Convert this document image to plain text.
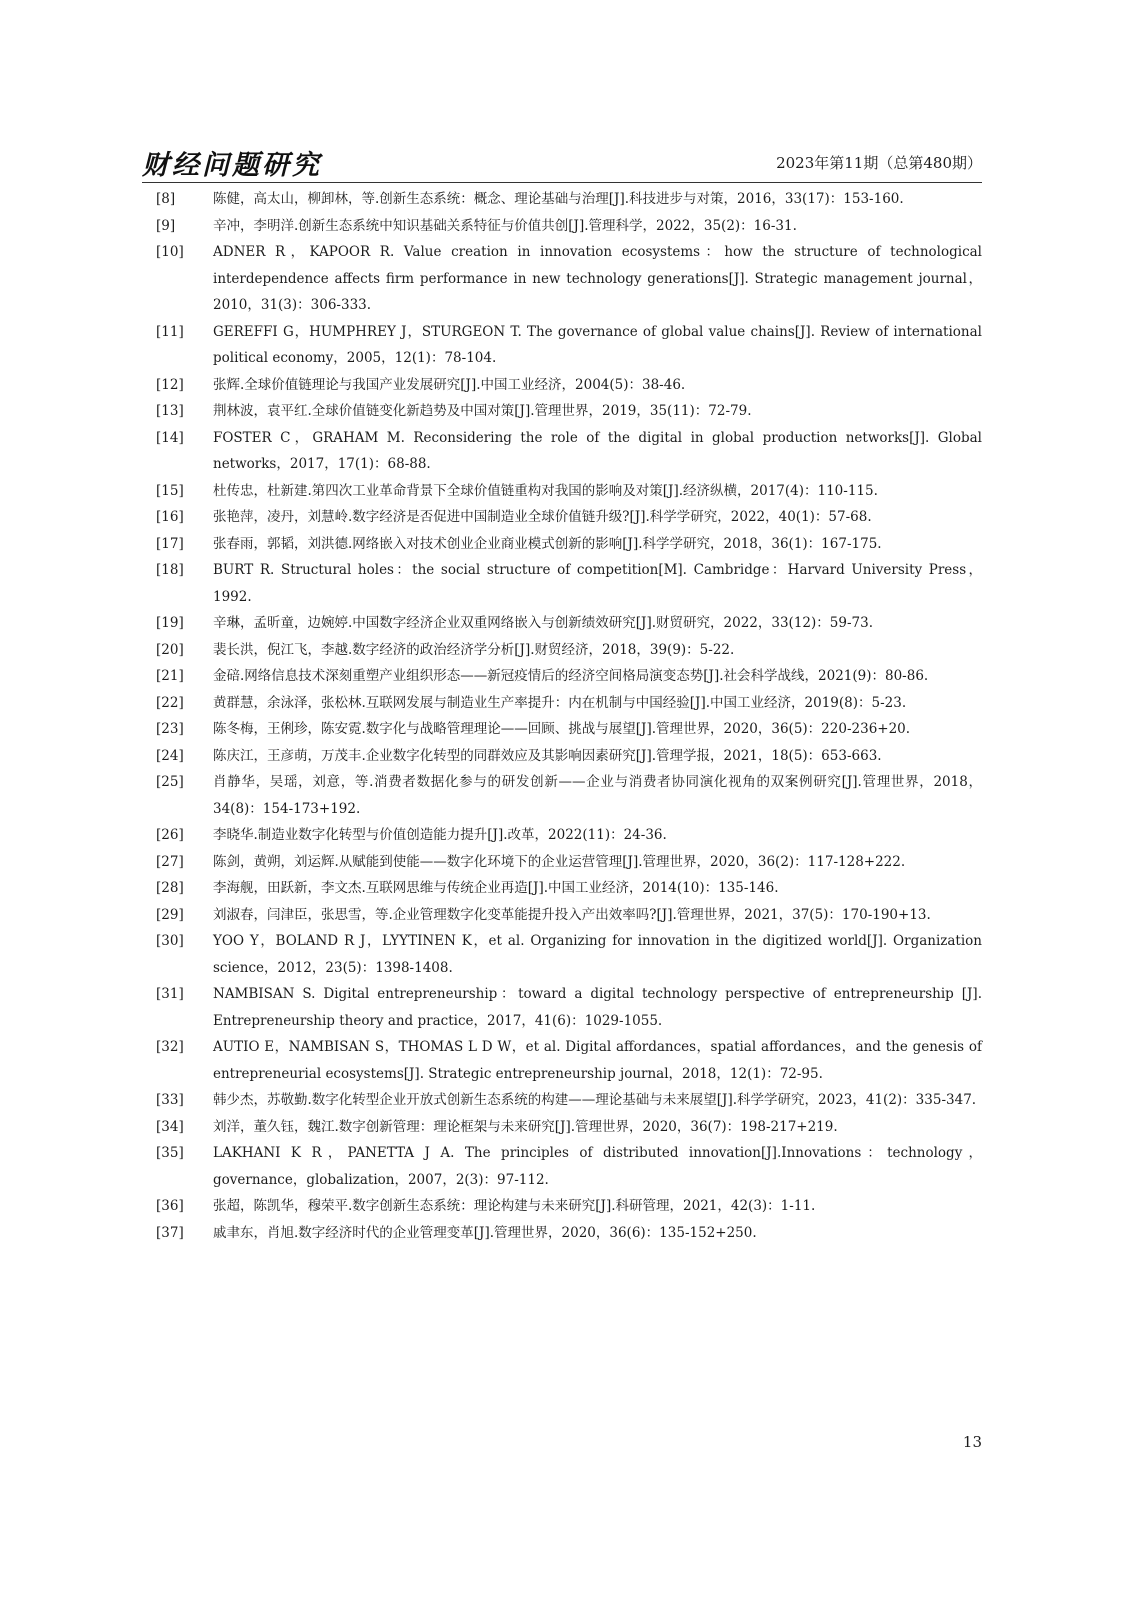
财经问题研究	2023年第11期（总第480期）
[8]	陈健，高太山，柳卸林，等.创新生态系统：概念、理论基础与治理[J].科技进步与对策，2016，33(17)：153-160.
[9]	辛冲，李明洋.创新生态系统中知识基础关系特征与价值共创[J].管理科学，2022，35(2)：16-31.
[10] ADNER R，KAPOOR R. Value creation in innovation ecosystems：how the structure of technological interdependence affects firm performance in new technology generations[J]. Strategic management journal，2010，31(3)：306-333.
[11] GEREFFI G，HUMPHREY J，STURGEON T. The governance of global value chains[J]. Review of international political economy，2005，12(1)：78-104.
[12] 张辉.全球价值链理论与我国产业发展研究[J].中国工业经济，2004(5)：38-46.
[13] 荆林波，袁平红.全球价值链变化新趋势及中国对策[J].管理世界，2019，35(11)：72-79.
[14] FOSTER C，GRAHAM M. Reconsidering the role of the digital in global production networks[J]. Global networks，2017，17(1)：68-88.
[15] 杜传忠，杜新建.第四次工业革命背景下全球价值链重构对我国的影响及对策[J].经济纵横，2017(4)：110-115.
[16] 张艳萍，凌丹，刘慧岭.数字经济是否促进中国制造业全球价值链升级?[J].科学学研究，2022，40(1)：57-68.
[17] 张春雨，郭韬，刘洪德.网络嵌入对技术创业企业商业模式创新的影响[J].科学学研究，2018，36(1)：167-175.
[18] BURT R. Structural holes：the social structure of competition[M]. Cambridge：Harvard University Press，1992.
[19] 辛琳，孟昕童，边婉婷.中国数字经济企业双重网络嵌入与创新绩效研究[J].财贸研究，2022，33(12)：59-73.
[20] 裴长洪，倪江飞，李越.数字经济的政治经济学分析[J].财贸经济，2018，39(9)：5-22.
[21] 金碚.网络信息技术深刻重塑产业组织形态——新冠疫情后的经济空间格局演变态势[J].社会科学战线，2021(9)：80-86.
[22] 黄群慧，余泳泽，张松林.互联网发展与制造业生产率提升：内在机制与中国经验[J].中国工业经济，2019(8)：5-23.
[23] 陈冬梅，王俐珍，陈安霓.数字化与战略管理理论——回顾、挑战与展望[J].管理世界，2020，36(5)：220-236+20.
[24] 陈庆江，王彦萌，万茂丰.企业数字化转型的同群效应及其影响因素研究[J].管理学报，2021，18(5)：653-663.
[25] 肖静华，吴瑶，刘意，等.消费者数据化参与的研发创新——企业与消费者协同演化视角的双案例研究[J].管理世界，2018，34(8)：154-173+192.
[26] 李晓华.制造业数字化转型与价值创造能力提升[J].改革，2022(11)：24-36.
[27] 陈剑，黄朔，刘运辉.从赋能到使能——数字化环境下的企业运营管理[J].管理世界，2020，36(2)：117-128+222.
[28] 李海舰，田跃新，李文杰.互联网思维与传统企业再造[J].中国工业经济，2014(10)：135-146.
[29] 刘淑春，闫津臣，张思雪，等.企业管理数字化变革能提升投入产出效率吗?[J].管理世界，2021，37(5)：170-190+13.
[30] YOO Y，BOLAND R J，LYYTINEN K，et al. Organizing for innovation in the digitized world[J]. Organization science，2012，23(5)：1398-1408.
[31] NAMBISAN S. Digital entrepreneurship：toward a digital technology perspective of entrepreneurship [J]. Entrepreneurship theory and practice，2017，41(6)：1029-1055.
[32] AUTIO E，NAMBISAN S，THOMAS L D W，et al. Digital affordances，spatial affordances，and the genesis of entrepreneurial ecosystems[J]. Strategic entrepreneurship journal，2018，12(1)：72-95.
[33] 韩少杰，苏敬勤.数字化转型企业开放式创新生态系统的构建——理论基础与未来展望[J].科学学研究，2023，41(2)：335-347.
[34] 刘洋，董久钰，魏江.数字创新管理：理论框架与未来研究[J].管理世界，2020，36(7)：198-217+219.
[35] LAKHANI K R，PANETTA J A. The principles of distributed innovation[J].Innovations：technology，governance，globalization，2007，2(3)：97-112.
[36] 张超，陈凯华，穆荣平.数字创新生态系统：理论构建与未来研究[J].科研管理，2021，42(3)：1-11.
[37] 戚聿东，肖旭.数字经济时代的企业管理变革[J].管理世界，2020，36(6)：135-152+250.
13
